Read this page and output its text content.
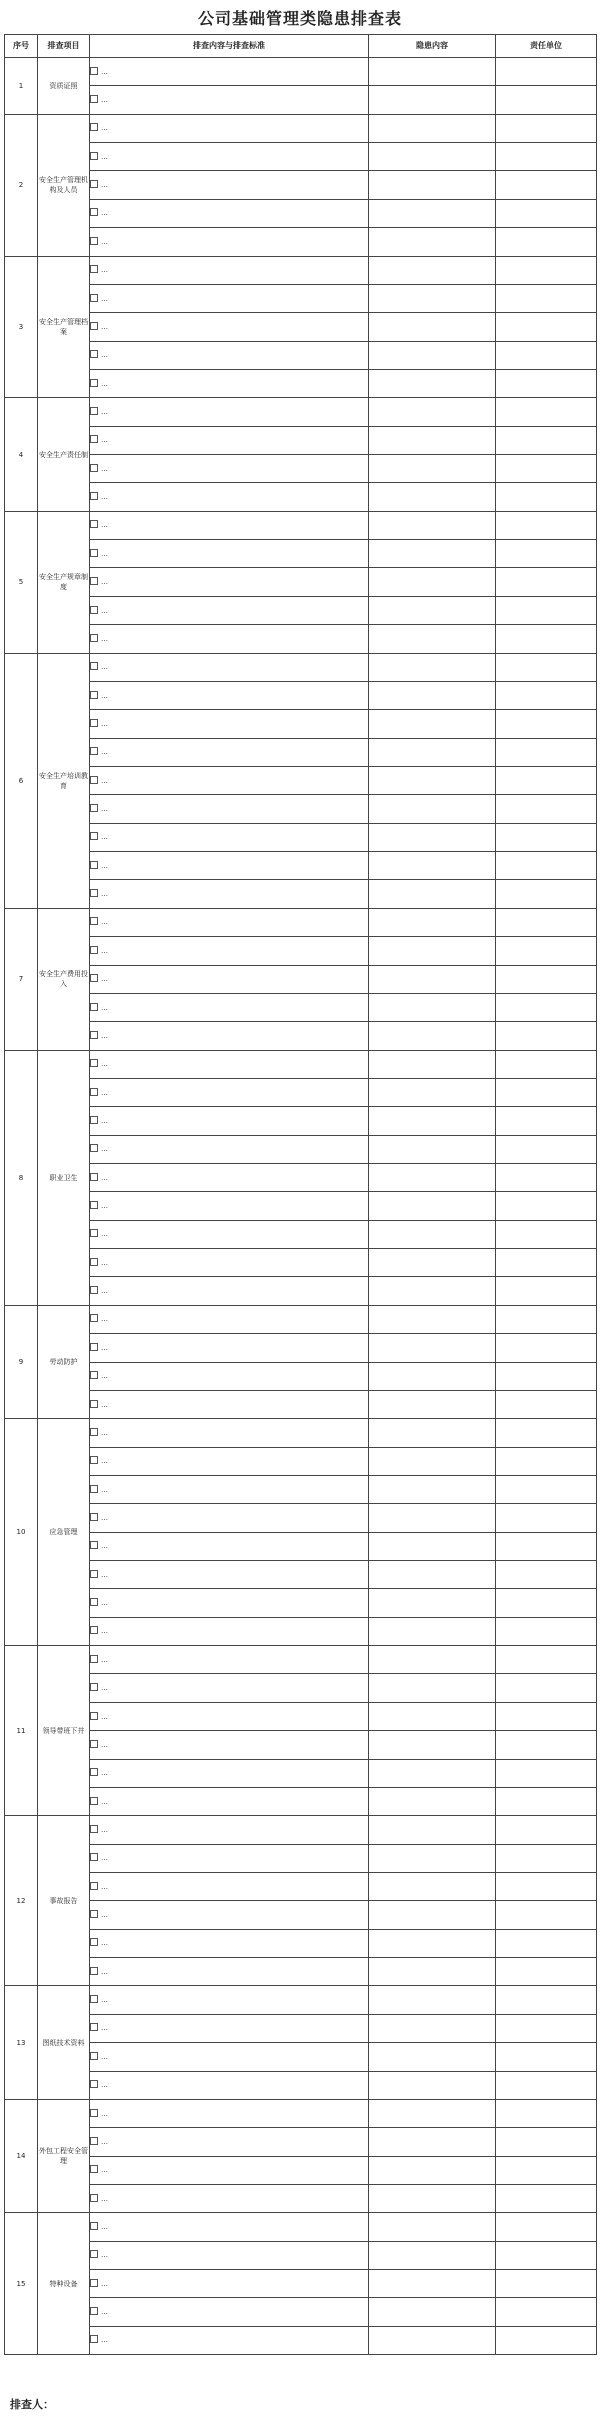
公司基础管理类隐患排查表
序号	排查项目	排查内容与排查标准	隐患内容	责任单位
1	资质证照	…		
		…		
2	安全生产管理机构及人员	…		
		…		
		…		
		…		
		…		
3	安全生产管理档案	…		
		…		
		…		
		…		
		…		
4	安全生产责任制	…		
		…		
		…		
		…		
5	安全生产规章制度	…		
		…		
		…		
		…		
		…		
6	安全生产培训教育	…		
		…		
		…		
		…		
		…		
		…		
		…		
		…		
		…		
7	安全生产费用投入	…		
		…		
		…		
		…		
		…		
8	职业卫生	…		
		…		
		…		
		…		
		…		
		…		
		…		
		…		
		…		
9	劳动防护	…		
		…		
		…		
		…		
10	应急管理	…		
		…		
		…		
		…		
		…		
		…		
		…		
		…		
11	领导带班下井	…		
		…		
		…		
		…		
		…		
		…		
12	事故报告	…		
		…		
		…		
		…		
		…		
		…		
13	图纸技术资料	…		
		…		
		…		
		…		
14	外包工程安全管理	…		
		…		
		…		
		…		
15	特种设备	…		
		…		
		…		
		…		
		…		
排查人：
